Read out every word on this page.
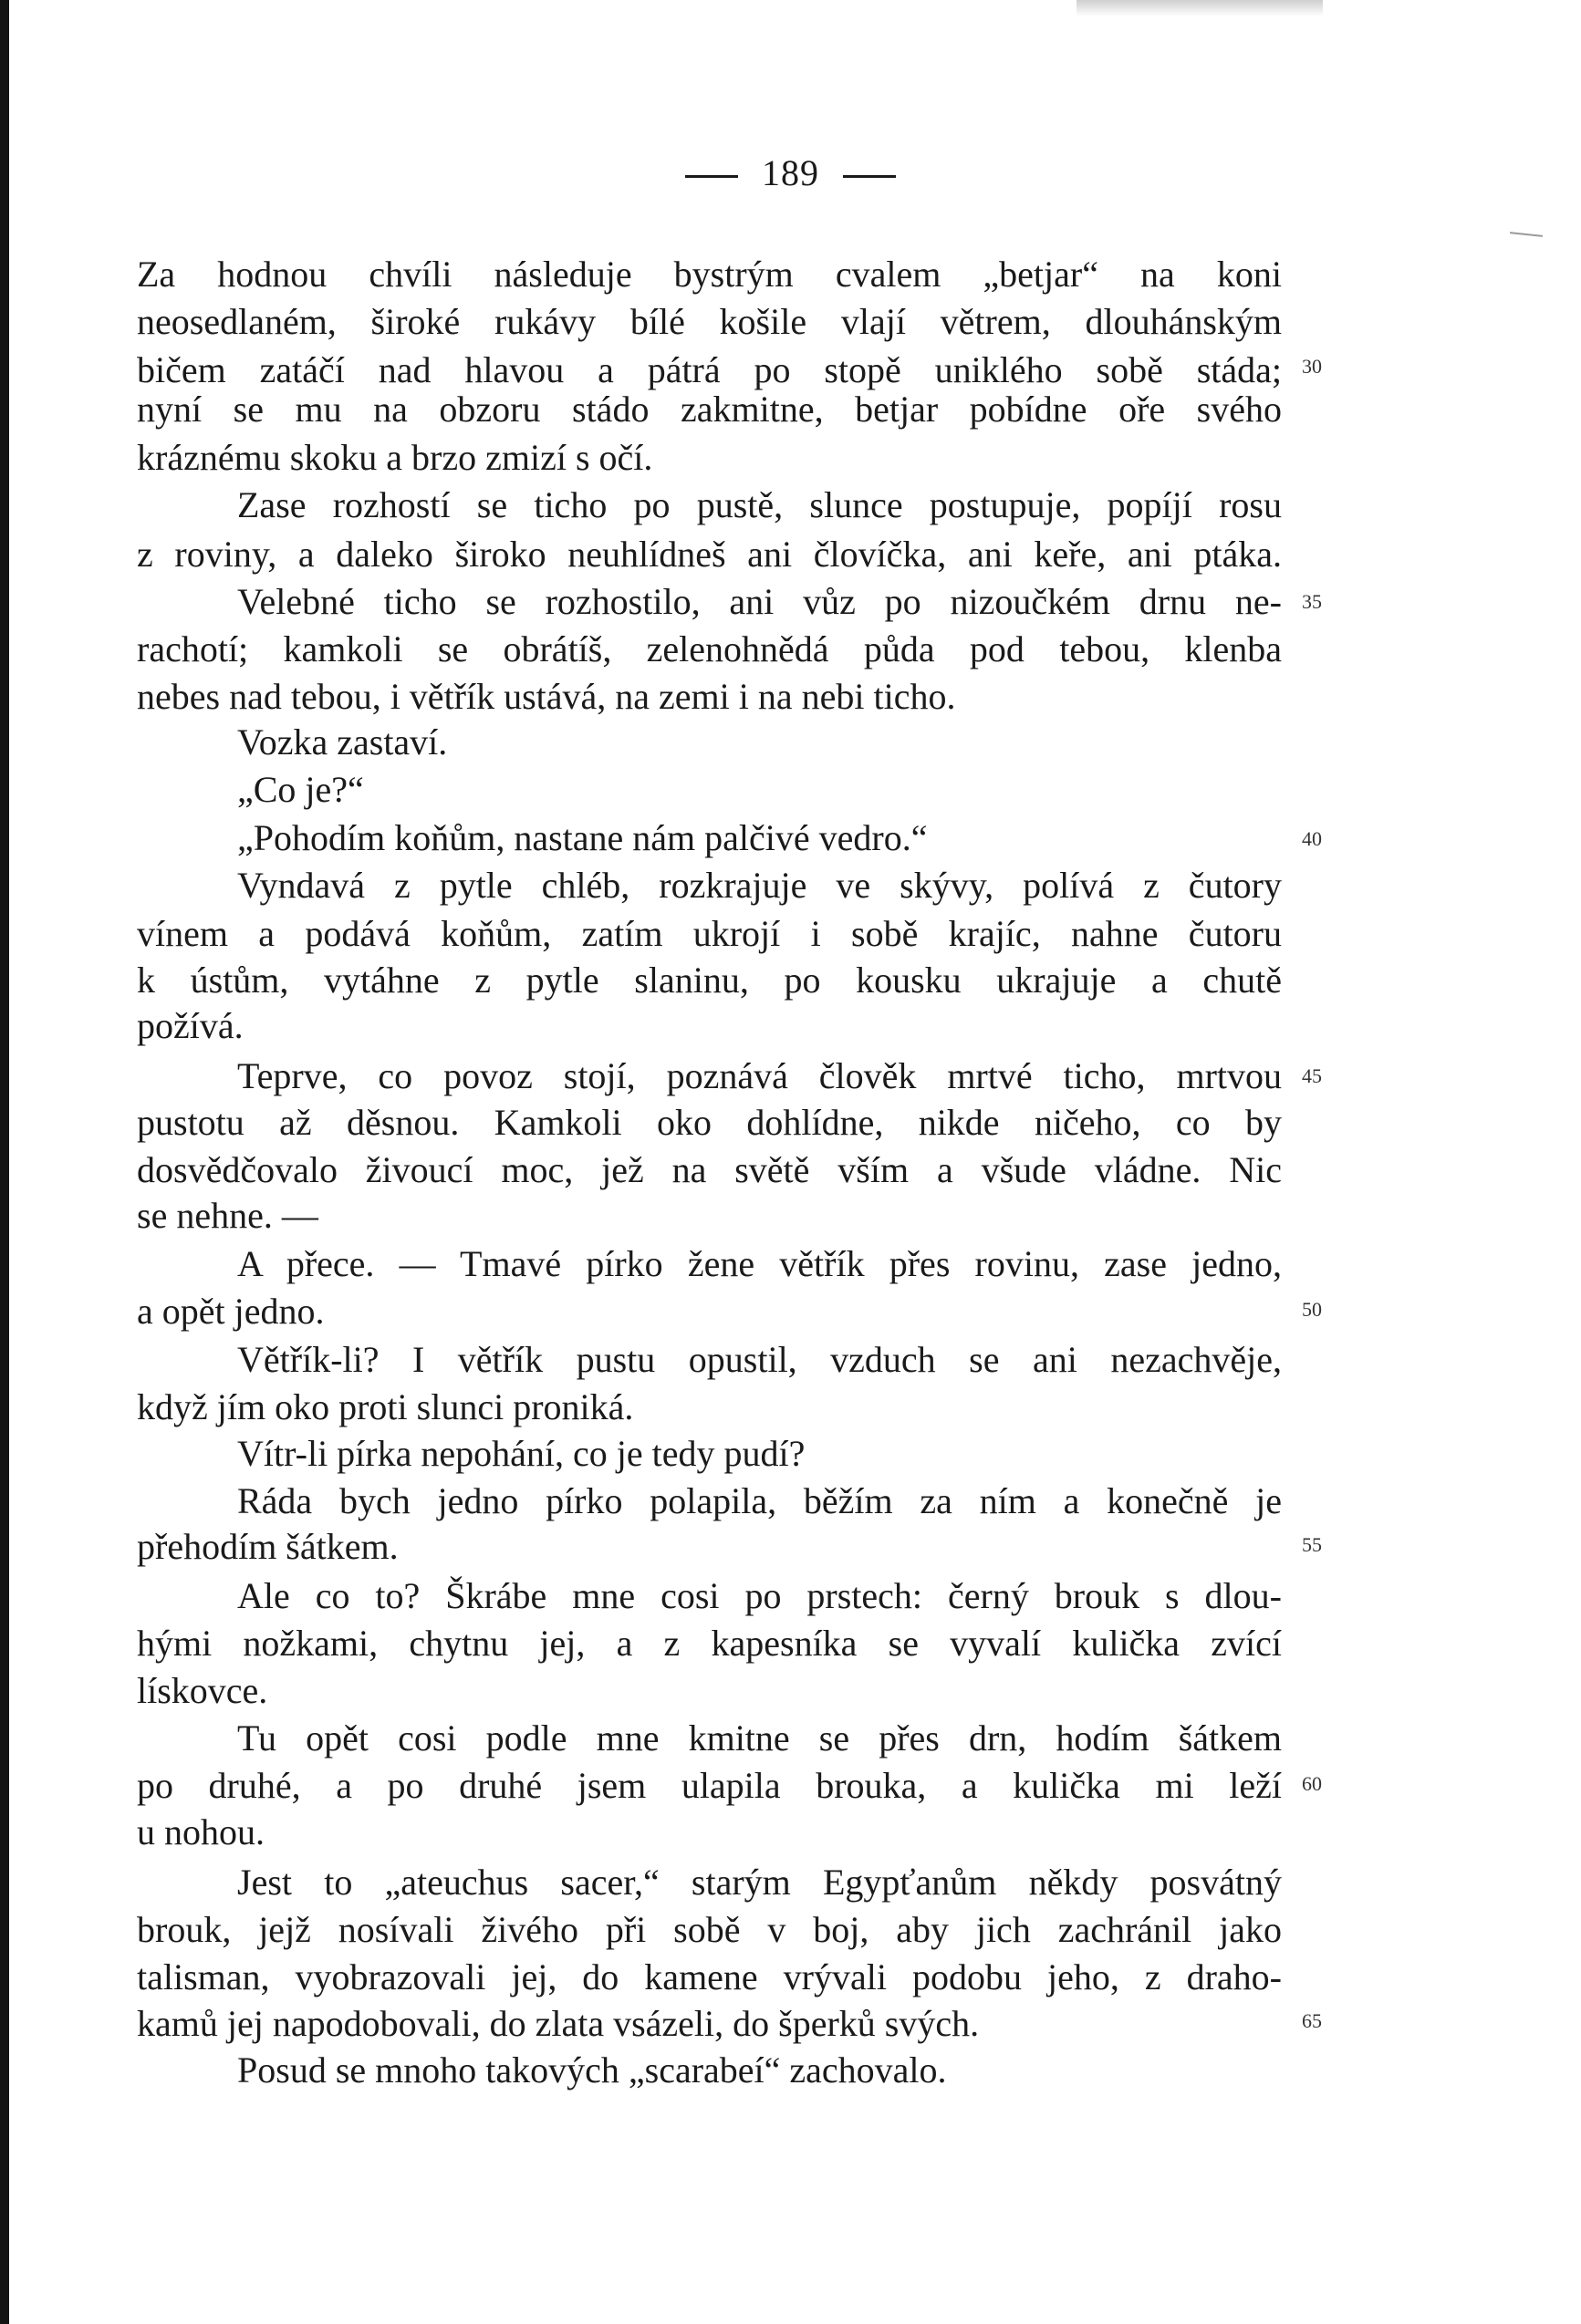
189
Za hodnou chvíli následuje bystrým cvalem „betjar“ na koni
neosedlaném, široké rukávy bílé košile vlají větrem, dlouhánským
bičem zatáčí nad hlavou a pátrá po stopě uniklého sobě stáda;
nyní se mu na obzoru stádo zakmitne, betjar pobídne oře svého
kráznému skoku a brzo zmizí s očí.
Zase rozhostí se ticho po pustě, slunce postupuje, popíjí rosu
z roviny, a daleko široko neuhlídneš ani človíčka, ani keře, ani ptáka.
Velebné ticho se rozhostilo, ani vůz po nizoučkém drnu ne-
rachotí; kamkoli se obrátíš, zelenohnědá půda pod tebou, klenba
nebes nad tebou, i větřík ustává, na zemi i na nebi ticho.
Vozka zastaví.
„Co je?“
„Pohodím koňům, nastane nám palčivé vedro.“
Vyndavá z pytle chléb, rozkrajuje ve skývy, polívá z čutory
vínem a podává koňům, zatím ukrojí i sobě krajíc, nahne čutoru
k ústům, vytáhne z pytle slaninu, po kousku ukrajuje a chutě
požívá.
Teprve, co povoz stojí, poznává člověk mrtvé ticho, mrtvou
pustotu až děsnou. Kamkoli oko dohlídne, nikde ničeho, co by
dosvědčovalo živoucí moc, jež na světě vším a všude vládne. Nic
se nehne. —
A přece. — Tmavé pírko žene větřík přes rovinu, zase jedno,
a opět jedno.
Větřík-li? I větřík pustu opustil, vzduch se ani nezachvěje,
když jím oko proti slunci proniká.
Vítr-li pírka nepohání, co je tedy pudí?
Ráda bych jedno pírko polapila, běžím za ním a konečně je
přehodím šátkem.
Ale co to? Škrábe mne cosi po prstech: černý brouk s dlou-
hými nožkami, chytnu jej, a z kapesníka se vyvalí kulička zvící
lískovce.
Tu opět cosi podle mne kmitne se přes drn, hodím šátkem
po druhé, a po druhé jsem ulapila brouka, a kulička mi leží
u nohou.
Jest to „ateuchus sacer,“ starým Egypťanům někdy posvátný
brouk, jejž nosívali živého při sobě v boj, aby jich zachránil jako
talisman, vyobrazovali jej, do kamene vrývali podobu jeho, z draho-
kamů jej napodobovali, do zlata vsázeli, do šperků svých.
Posud se mnoho takových „scarabeí“ zachovalo.
30
35
40
45
50
55
60
65
